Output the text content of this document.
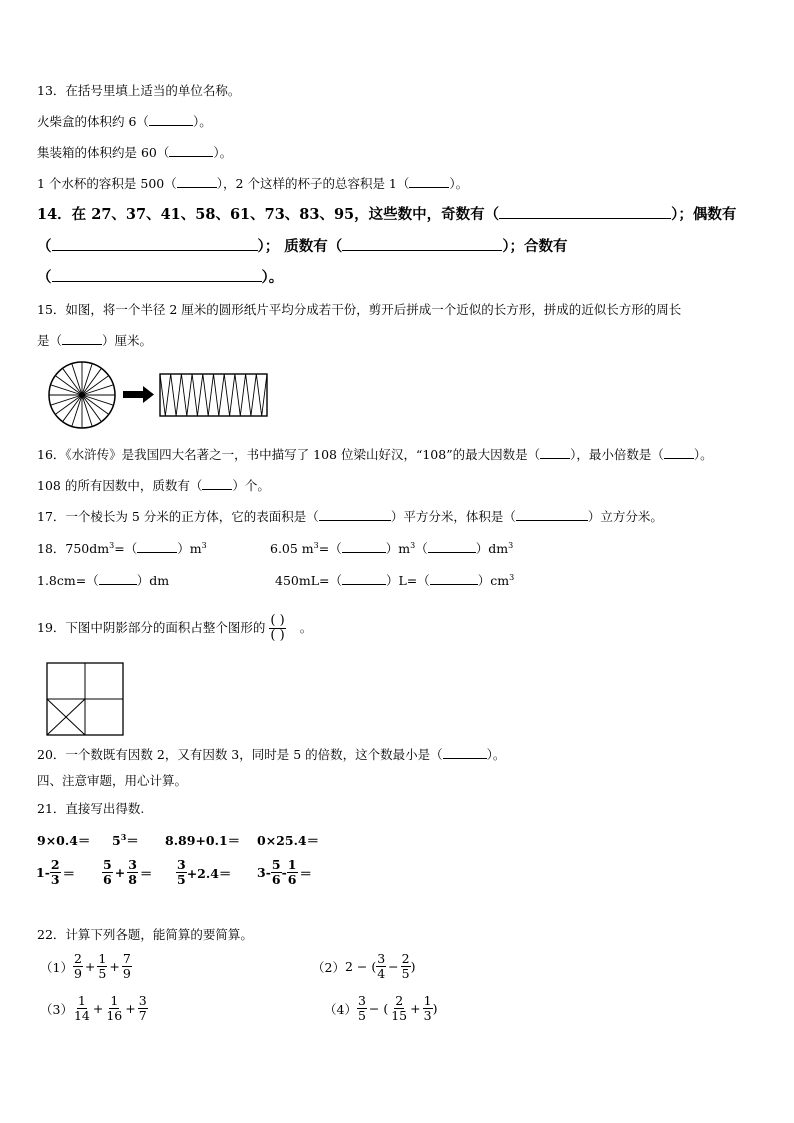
13．在括号里填上适当的单位名称。
火柴盒的体积约 6（	）。
集装箱的体积约是 60（	）。
1 个水杯的容积是 500（	），2 个这样的杯子的总容积是 1（	）。
14．在 27、37、41、58、61、73、83、95，这些数中，奇数有（	）；偶数有
（	）； 质数有（	）；合数有
（	）。
15．如图，将一个半径 2 厘米的圆形纸片平均分成若干份，剪开后拼成一个近似的长方形，拼成的近似长方形的周长
是（	）厘米。
16．《水浒传》是我国四大名著之一，书中描写了 108 位梁山好汉，“108”的最大因数是（ ），最小倍数是（ ）。
108 的所有因数中，质数有（ ）个。
17．一个棱长为 5 分米的正方体，它的表面积是（	）平方分米，体积是（	）立方分米。
18．$750dm^3=$（	）$m^3$	6.05 $m^3=$（	）$m^3$（	）$dm^3$
1.8cm=（	）dm	450mL=（	）L=（	）$cm^3$
19．下图中阴影部分的面积占整个图形的 $\frac{( )}{( )}$ 。
20．一个数既有因数 2，又有因数 3，同时是 5 的倍数，这个数最小是（	）。
四、注意审题，用心计算。
21．直接写出得数.
$9\times 0.4= 5^3= 8.89+0.1= 0\times 25.4=$
$1- \frac{2}{3} = \frac{5}{6} + \frac{3}{8} = \frac{3}{5} +2.4= 3- \frac{5}{6} - \frac{1}{6}$ ＝
22．计算下列各题，能简算的要简算。
$(1) \frac{2}{9} + \frac{1}{5} + \frac{7}{9}$	（2） 2 − ( $\frac{3}{4} - \frac{2}{5}$ )
$(3) \frac{1}{14} + \frac{1}{16} + \frac{3}{7}$	$(4) \frac{3}{5}$ − ( $\frac{2}{15} + \frac{1}{3}$ )
